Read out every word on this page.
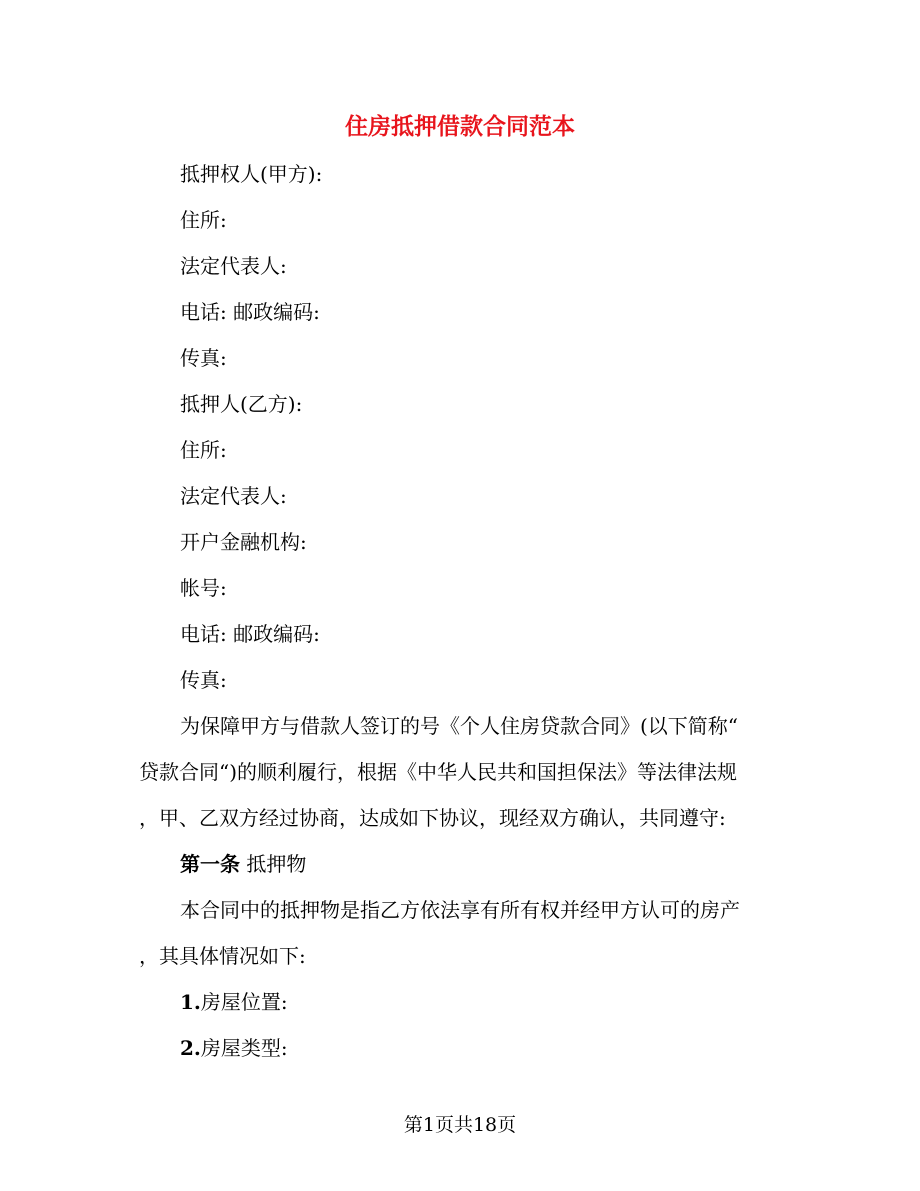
住房抵押借款合同范本

抵押权人(甲方):

住所:

法定代表人:

电话: 邮政编码:

传真:

抵押人(乙方):

住所:

法定代表人:

开户金融机构:

帐号:

电话: 邮政编码:

传真:

为保障甲方与借款人签订的号《个人住房贷款合同》(以下简称“

贷款合同“)的顺利履行，根据《中华人民共和国担保法》等法律法规

，甲、乙双方经过协商，达成如下协议，现经双方确认，共同遵守:

第一条 抵押物

本合同中的抵押物是指乙方依法享有所有权并经甲方认可的房产

，其具体情况如下:

1.房屋位置:

2.房屋类型:

第1页共18页
